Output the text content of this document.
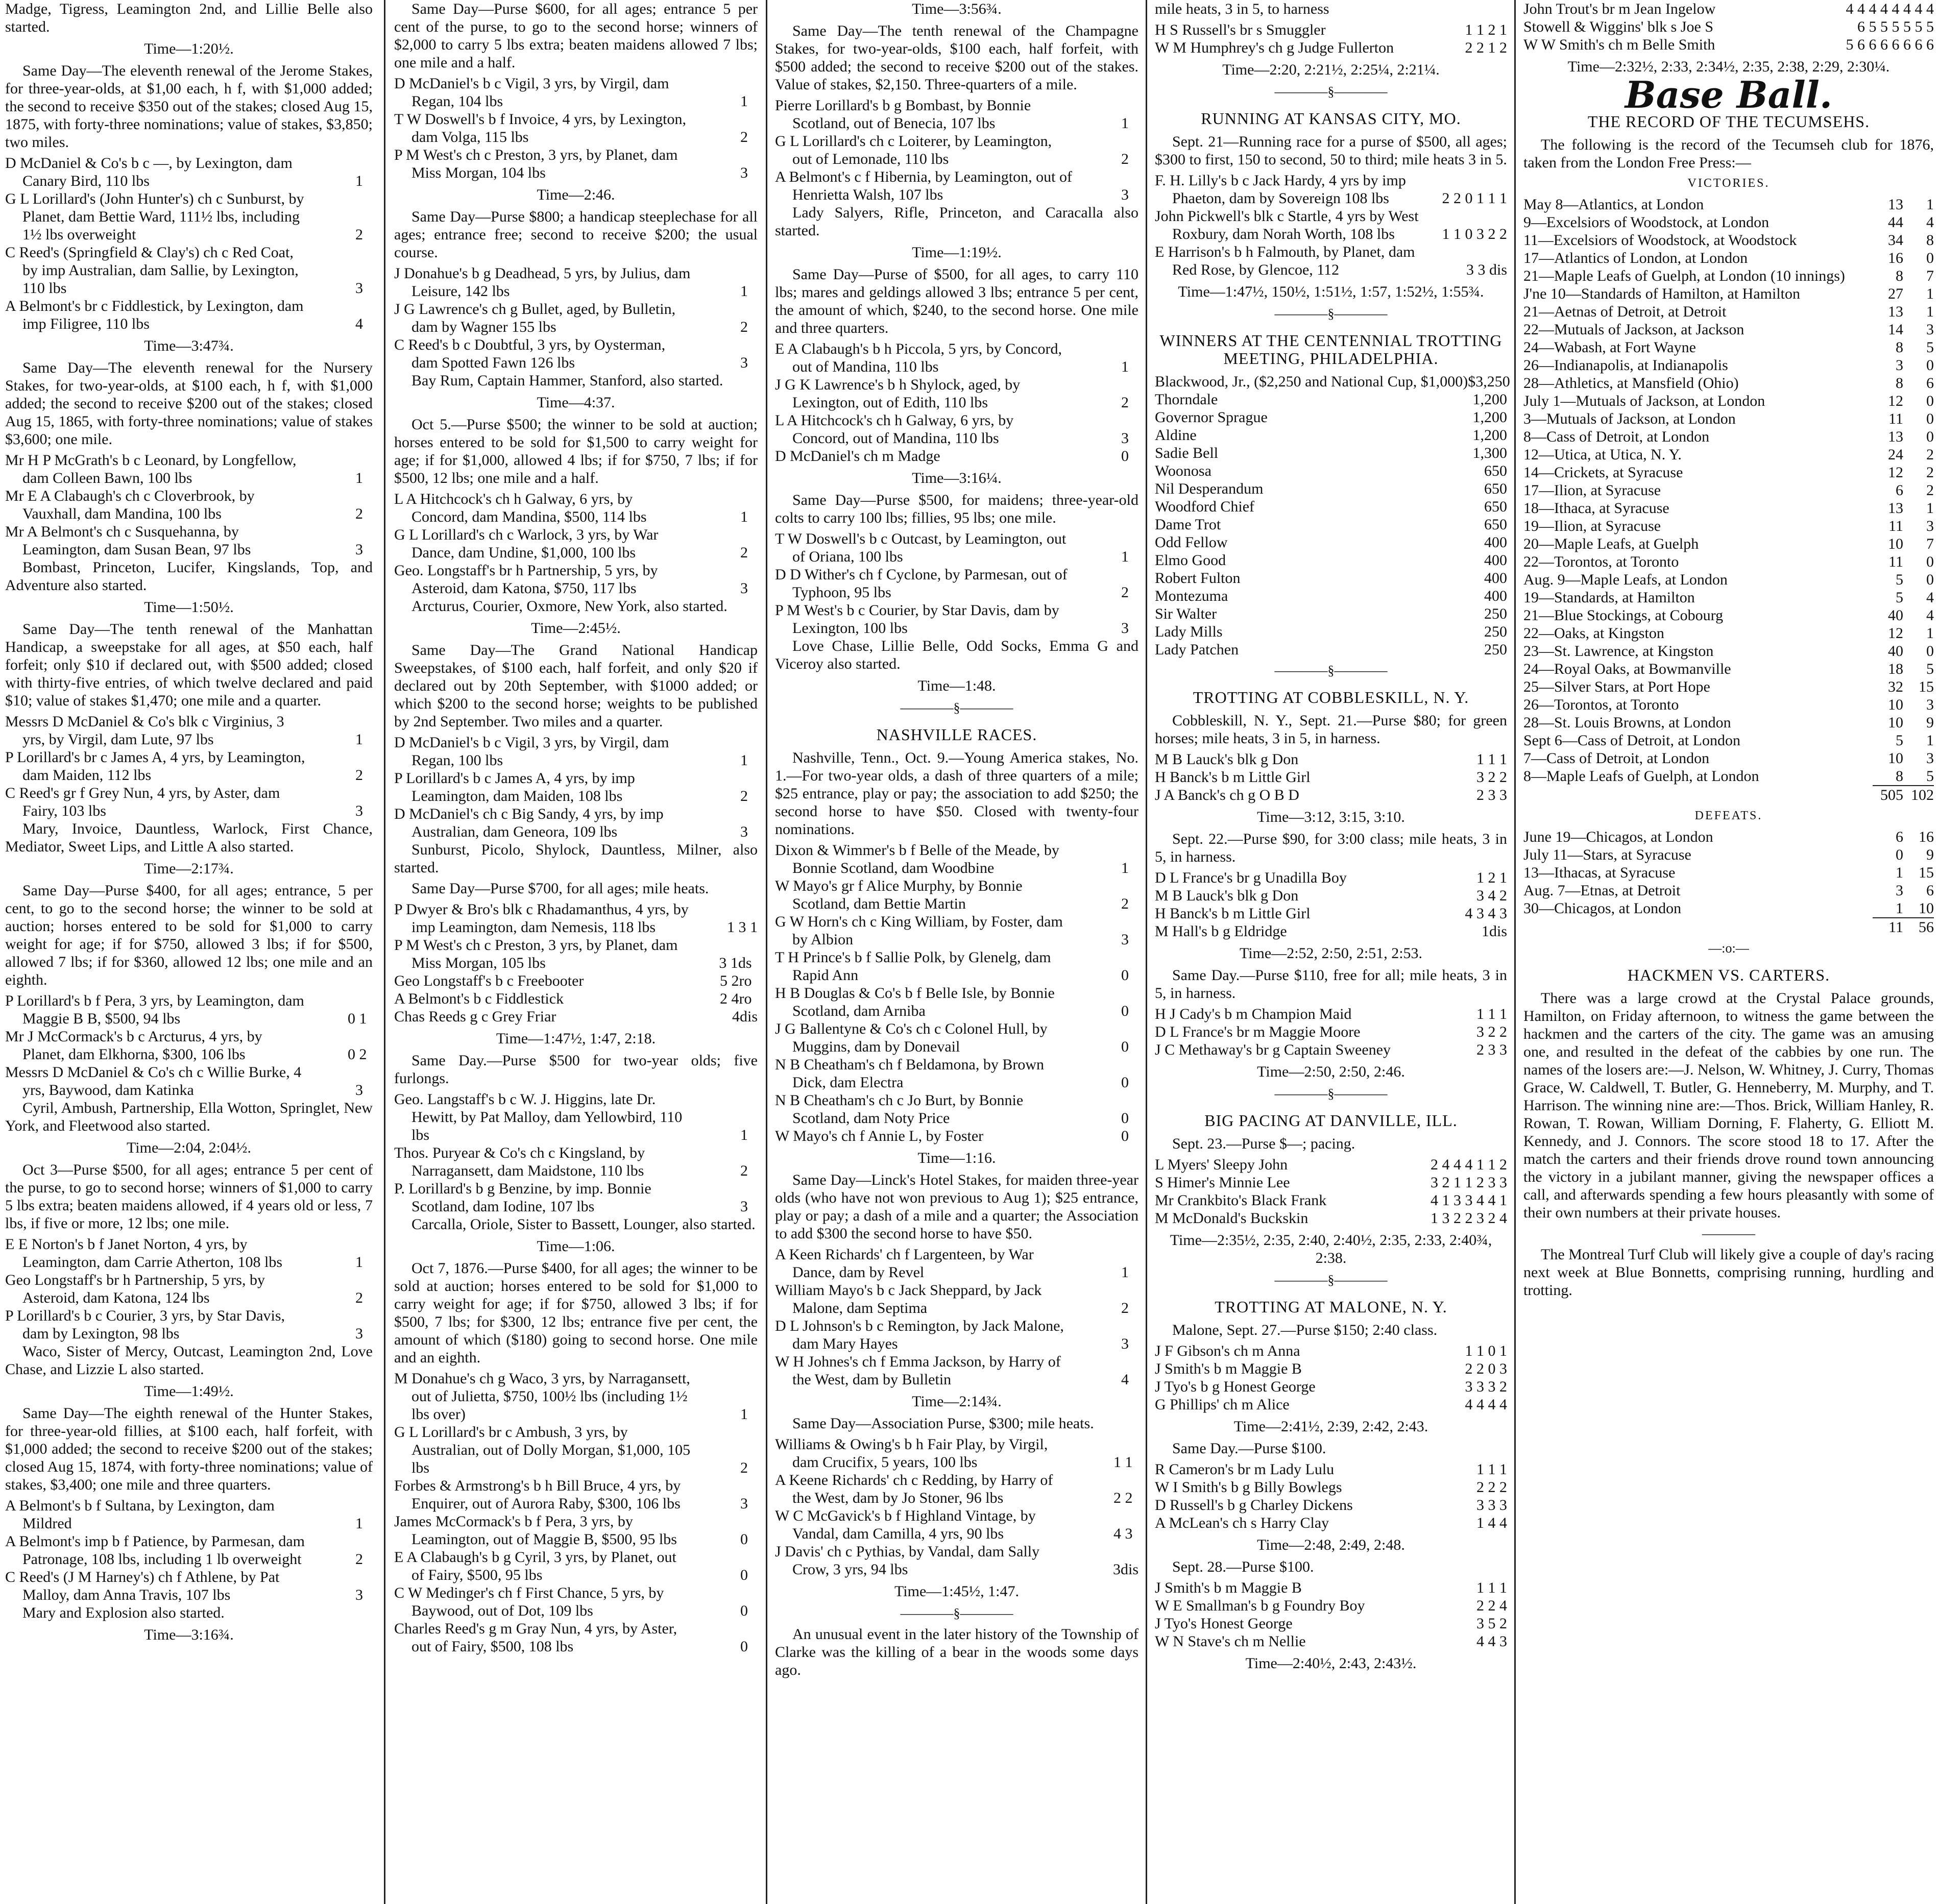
Madge, Tigress, Leamington 2nd, and Lillie Belle also started.

Time—1:20½.

Same Day—The eleventh renewal of the Jerome Stakes, for three-year-olds, at $1,00 each, h f, with $1,000 added; the second to receive $350 out of the stakes; closed Aug 15, 1875, with forty-three nominations; value of stakes, $3,850; two miles.

D McDaniel & Co's b c —, by Lexington, dam Canary Bird, 110 lbs	1

G L Lorillard's (John Hunter's) ch c Sunburst, by Planet, dam Bettie Ward, 111½ lbs, including 1½ lbs overweight	2

C Reed's (Springfield & Clay's) ch c Red Coat, by imp Australian, dam Sallie, by Lexington, 110 lbs	3

A Belmont's br c Fiddlestick, by Lexington, dam imp Filigree, 110 lbs	4

Time—3:47¾.

Same Day—The eleventh renewal for the Nursery Stakes, for two-year-olds, at $100 each, h f, with $1,000 added; the second to receive $200 out of the stakes; closed Aug 15, 1865, with forty-three nominations; value of stakes $3,600; one mile.

Mr H P McGrath's b c Leonard, by Longfellow, dam Colleen Bawn, 100 lbs	1

Mr E A Clabaugh's ch c Cloverbrook, by Vauxhall, dam Mandina, 100 lbs	2

Mr A Belmont's ch c Susquehanna, by Leamington, dam Susan Bean, 97 lbs	3

Bombast, Princeton, Lucifer, Kingslands, Top, and Adventure also started.

Time—1:50½.

Same Day—The tenth renewal of the Manhattan Handicap, a sweepstake for all ages, at $50 each, half forfeit; only $10 if declared out, with $500 added; closed with thirty-five entries, of which twelve declared and paid $10; value of stakes $1,470; one mile and a quarter.

Messrs D McDaniel & Co's blk c Virginius, 3 yrs, by Virgil, dam Lute, 97 lbs	1

P Lorillard's br c James A, 4 yrs, by Leamington, dam Maiden, 112 lbs	2

C Reed's gr f Grey Nun, 4 yrs, by Aster, dam Fairy, 103 lbs	3

Mary, Invoice, Dauntless, Warlock, First Chance, Mediator, Sweet Lips, and Little A also started.

Time—2:17¾.

Same Day—Purse $400, for all ages; entrance, 5 per cent, to go to the second horse; the winner to be sold at auction; horses entered to be sold for $1,000 to carry weight for age; if for $750, allowed 3 lbs; if for $500, allowed 7 lbs; if for $360, allowed 12 lbs; one mile and an eighth.

P Lorillard's b f Pera, 3 yrs, by Leamington, dam Maggie B B, $500, 94 lbs	0 1

Mr J McCormack's b c Arcturus, 4 yrs, by Planet, dam Elkhorna, $300, 106 lbs	0 2

Messrs D McDaniel & Co's ch c Willie Burke, 4 yrs, Baywood, dam Katinka	3

Cyril, Ambush, Partnership, Ella Wotton, Springlet, New York, and Fleetwood also started.

Time—2:04, 2:04½.

Oct 3—Purse $500, for all ages; entrance 5 per cent of the purse, to go to second horse; winners of $1,000 to carry 5 lbs extra; beaten maidens allowed, if 4 years old or less, 7 lbs, if five or more, 12 lbs; one mile.

E E Norton's b f Janet Norton, 4 yrs, by Leamington, dam Carrie Atherton, 108 lbs	1

Geo Longstaff's br h Partnership, 5 yrs, by Asteroid, dam Katona, 124 lbs	2

P Lorillard's b c Courier, 3 yrs, by Star Davis, dam by Lexington, 98 lbs	3

Waco, Sister of Mercy, Outcast, Leamington 2nd, Love Chase, and Lizzie L also started.

Time—1:49½.

Same Day—The eighth renewal of the Hunter Stakes, for three-year-old fillies, at $100 each, half forfeit, with $1,000 added; the second to receive $200 out of the stakes; closed Aug 15, 1874, with forty-three nominations; value of stakes, $3,400; one mile and three quarters.

A Belmont's b f Sultana, by Lexington, dam Mildred	1

A Belmont's imp b f Patience, by Parmesan, dam Patronage, 108 lbs, including 1 lb overweight	2

C Reed's (J M Harney's) ch f Athlene, by Pat Malloy, dam Anna Travis, 107 lbs	3

Mary and Explosion also started.

Time—3:16¾.

Same Day—Purse $600, for all ages; entrance 5 per cent of the purse, to go to the second horse; winners of $2,000 to carry 5 lbs extra; beaten maidens allowed 7 lbs; one mile and a half.

D McDaniel's b c Vigil, 3 yrs, by Virgil, dam Regan, 104 lbs	1

T W Doswell's b f Invoice, 4 yrs, by Lexington, dam Volga, 115 lbs	2

P M West's ch c Preston, 3 yrs, by Planet, dam Miss Morgan, 104 lbs	3

Time—2:46.

Same Day—Purse $800; a handicap steeplechase for all ages; entrance free; second to receive $200; the usual course.

J Donahue's b g Deadhead, 5 yrs, by Julius, dam Leisure, 142 lbs	1

J G Lawrence's ch g Bullet, aged, by Bulletin, dam by Wagner 155 lbs	2

C Reed's b c Doubtful, 3 yrs, by Oysterman, dam Spotted Fawn 126 lbs	3

Bay Rum, Captain Hammer, Stanford, also started.

Time—4:37.

Oct 5.—Purse $500; the winner to be sold at auction; horses entered to be sold for $1,500 to carry weight for age; if for $1,000, allowed 4 lbs; if for $750, 7 lbs; if for $500, 12 lbs; one mile and a half.

L A Hitchcock's ch h Galway, 6 yrs, by Concord, dam Mandina, $500, 114 lbs	1

G L Lorillard's ch c Warlock, 3 yrs, by War Dance, dam Undine, $1,000, 100 lbs	2

Geo. Longstaff's br h Partnership, 5 yrs, by Asteroid, dam Katona, $750, 117 lbs	3

Arcturus, Courier, Oxmore, New York, also started.

Time—2:45½.

Same Day—The Grand National Handicap Sweepstakes, of $100 each, half forfeit, and only $20 if declared out by 20th September, with $1000 added; or which $200 to the second horse; weights to be published by 2nd September. Two miles and a quarter.

D McDaniel's b c Vigil, 3 yrs, by Virgil, dam Regan, 100 lbs	1

P Lorillard's b c James A, 4 yrs, by imp Leamington, dam Maiden, 108 lbs	2

D McDaniel's ch c Big Sandy, 4 yrs, by imp Australian, dam Geneora, 109 lbs	3

Sunburst, Picolo, Shylock, Dauntless, Milner, also started.

Same Day—Purse $700, for all ages; mile heats.

P Dwyer & Bro's blk c Rhadamanthus, 4 yrs, by imp Leamington, dam Nemesis, 118 lbs	1 3 1

P M West's ch c Preston, 3 yrs, by Planet, dam Miss Morgan, 105 lbs	3 1ds

Geo Longstaff's b c Freebooter	5 2ro

A Belmont's b c Fiddlestick	2 4ro

Chas Reeds g c Grey Friar	4dis

Time—1:47½, 1:47, 2:18.

Same Day.—Purse $500 for two-year olds; five furlongs.

Geo. Langstaff's b c W. J. Higgins, late Dr. Hewitt, by Pat Malloy, dam Yellowbird, 110 lbs	1

Thos. Puryear & Co's ch c Kingsland, by Narragansett, dam Maidstone, 110 lbs	2

P. Lorillard's b g Benzine, by imp. Bonnie Scotland, dam Iodine, 107 lbs	3

Carcalla, Oriole, Sister to Bassett, Lounger, also started.

Time—1:06.

Oct 7, 1876.—Purse $400, for all ages; the winner to be sold at auction; horses entered to be sold for $1,000 to carry weight for age; if for $750, allowed 3 lbs; if for $500, 7 lbs; for $300, 12 lbs; entrance five per cent, the amount of which ($180) going to second horse. One mile and an eighth.

M Donahue's ch g Waco, 3 yrs, by Narragansett, out of Julietta, $750, 100½ lbs (including 1½ lbs over)	1

G L Lorillard's br c Ambush, 3 yrs, by Australian, out of Dolly Morgan, $1,000, 105 lbs	2

Forbes & Armstrong's b h Bill Bruce, 4 yrs, by Enquirer, out of Aurora Raby, $300, 106 lbs	3

James McCormack's b f Pera, 3 yrs, by Leamington, out of Maggie B, $500, 95 lbs	0

E A Clabaugh's b g Cyril, 3 yrs, by Planet, out of Fairy, $500, 95 lbs	0

C W Medinger's ch f First Chance, 5 yrs, by Baywood, out of Dot, 109 lbs	0

Charles Reed's g m Gray Nun, 4 yrs, by Aster, out of Fairy, $500, 108 lbs	0

Time—3:56¾.

Same Day—The tenth renewal of the Champagne Stakes, for two-year-olds, $100 each, half forfeit, with $500 added; the second to receive $200 out of the stakes. Value of stakes, $2,150. Three-quarters of a mile.

Pierre Lorillard's b g Bombast, by Bonnie Scotland, out of Benecia, 107 lbs	1

G L Lorillard's ch c Loiterer, by Leamington, out of Lemonade, 110 lbs	2

A Belmont's c f Hibernia, by Leamington, out of Henrietta Walsh, 107 lbs	3

Lady Salyers, Rifle, Princeton, and Caracalla also started.

Time—1:19½.

Same Day—Purse of $500, for all ages, to carry 110 lbs; mares and geldings allowed 3 lbs; entrance 5 per cent, the amount of which, $240, to the second horse. One mile and three quarters.

E A Clabaugh's b h Piccola, 5 yrs, by Concord, out of Mandina, 110 lbs	1

J G K Lawrence's b h Shylock, aged, by Lexington, out of Edith, 110 lbs	2

L A Hitchcock's ch h Galway, 6 yrs, by Concord, out of Mandina, 110 lbs	3

D McDaniel's ch m Madge	0

Time—3:16¼.

Same Day—Purse $500, for maidens; three-year-old colts to carry 100 lbs; fillies, 95 lbs; one mile.

T W Doswell's b c Outcast, by Leamington, out of Oriana, 100 lbs	1

D D Wither's ch f Cyclone, by Parmesan, out of Typhoon, 95 lbs	2

P M West's b c Courier, by Star Davis, dam by Lexington, 100 lbs	3

Love Chase, Lillie Belle, Odd Socks, Emma G and Viceroy also started.

Time—1:48.

————§————

NASHVILLE RACES.

Nashville, Tenn., Oct. 9.—Young America stakes, No. 1.—For two-year olds, a dash of three quarters of a mile; $25 entrance, play or pay; the association to add $250; the second horse to have $50. Closed with twenty-four nominations.

Dixon & Wimmer's b f Belle of the Meade, by Bonnie Scotland, dam Woodbine	1

W Mayo's gr f Alice Murphy, by Bonnie Scotland, dam Bettie Martin	2

G W Horn's ch c King William, by Foster, dam by Albion	3

T H Prince's b f Sallie Polk, by Glenelg, dam Rapid Ann	0

H B Douglas & Co's b f Belle Isle, by Bonnie Scotland, dam Arniba	0

J G Ballentyne & Co's ch c Colonel Hull, by Muggins, dam by Donevail	0

N B Cheatham's ch f Beldamona, by Brown Dick, dam Electra	0

N B Cheatham's ch c Jo Burt, by Bonnie Scotland, dam Noty Price	0

W Mayo's ch f Annie L, by Foster	0

Time—1:16.

Same Day—Linck's Hotel Stakes, for maiden three-year olds (who have not won previous to Aug 1); $25 entrance, play or pay; a dash of a mile and a quarter; the Association to add $300 the second horse to have $50.

A Keen Richards' ch f Largenteen, by War Dance, dam by Revel	1

William Mayo's b c Jack Sheppard, by Jack Malone, dam Septima	2

D L Johnson's b c Remington, by Jack Malone, dam Mary Hayes	3

W H Johnes's ch f Emma Jackson, by Harry of the West, dam by Bulletin	4

Time—2:14¾.

Same Day—Association Purse, $300; mile heats.

Williams & Owing's b h Fair Play, by Virgil, dam Crucifix, 5 years, 100 lbs	1 1

A Keene Richards' ch c Redding, by Harry of the West, dam by Jo Stoner, 96 lbs	2 2

W C McGavick's b f Highland Vintage, by Vandal, dam Camilla, 4 yrs, 90 lbs	4 3

J Davis' ch c Pythias, by Vandal, dam Sally Crow, 3 yrs, 94 lbs	3dis

Time—1:45½, 1:47.

————§————

An unusual event in the later history of the Township of Clarke was the killing of a bear in the woods some days ago.

mile heats, 3 in 5, to harness

H S Russell's br s Smuggler	1 1 2 1

W M Humphrey's ch g Judge Fullerton	2 2 1 2

Time—2:20, 2:21½, 2:25¼, 2:21¼.

————§————

RUNNING AT KANSAS CITY, MO.

Sept. 21—Running race for a purse of $500, all ages; $300 to first, 150 to second, 50 to third; mile heats 3 in 5.

F. H. Lilly's b c Jack Hardy, 4 yrs by imp Phaeton, dam by Sovereign 108 lbs	2 2 0 1 1 1

John Pickwell's blk c Startle, 4 yrs by West Roxbury, dam Norah Worth, 108 lbs	1 1 0 3 2 2

E Harrison's b h Falmouth, by Planet, dam Red Rose, by Glencoe, 112	3 3 dis

Time—1:47½, 150½, 1:51½, 1:57, 1:52½, 1:55¾.

————§————

WINNERS AT THE CENTENNIAL TROTTING MEETING, PHILADELPHIA.

Blackwood, Jr., ($2,250 and National Cup, $1,000) $3,250
Thorndale	1,200
Governor Sprague	1,200
Aldine	1,200
Sadie Bell	1,300
Woonosa	650
Nil Desperandum	650
Woodford Chief	650
Dame Trot	650
Odd Fellow	400
Elmo Good	400
Robert Fulton	400
Montezuma	400
Sir Walter	250
Lady Mills	250
Lady Patchen	250

————§————

TROTTING AT COBBLESKILL, N. Y.

Cobbleskill, N. Y., Sept. 21.—Purse $80; for green horses; mile heats, 3 in 5, in harness.

M B Lauck's blk g Don	1 1 1

H Banck's b m Little Girl	3 2 2

J A Banck's ch g O B D	2 3 3

Time—3:12, 3:15, 3:10.

Sept. 22.—Purse $90, for 3:00 class; mile heats, 3 in 5, in harness.

D L France's br g Unadilla Boy	1 2 1

M B Lauck's blk g Don	3 4 2

H Banck's b m Little Girl	4 3 4 3

M Hall's b g Eldridge	1dis

Time—2:52, 2:50, 2:51, 2:53.

Same Day.—Purse $110, free for all; mile heats, 3 in 5, in harness.

H J Cady's b m Champion Maid	1 1 1

D L France's br m Maggie Moore	3 2 2

J C Methaway's br g Captain Sweeney	2 3 3

Time—2:50, 2:50, 2:46.

————§————

BIG PACING AT DANVILLE, ILL.

Sept. 23.—Purse $—; pacing.

L Myers' Sleepy John	2 4 4 4 1 1 2

S Himer's Minnie Lee	3 2 1 1 2 3 3

Mr Crankbito's Black Frank	4 1 3 3 4 4 1

M McDonald's Buckskin	1 3 2 2 3 2 4

Time—2:35½, 2:35, 2:40, 2:40½, 2:35, 2:33, 2:40¾, 2:38.

————§————

TROTTING AT MALONE, N. Y.

Malone, Sept. 27.—Purse $150; 2:40 class.

J F Gibson's ch m Anna	1 1 0 1

J Smith's b m Maggie B	2 2 0 3

J Tyo's b g Honest George	3 3 3 2

G Phillips' ch m Alice	4 4 4 4

Time—2:41½, 2:39, 2:42, 2:43.

Same Day.—Purse $100.

R Cameron's br m Lady Lulu	1 1 1

W I Smith's b g Billy Bowlegs	2 2 2

D Russell's b g Charley Dickens	3 3 3

A McLean's ch s Harry Clay	1 4 4

Time—2:48, 2:49, 2:48.

Sept. 28.—Purse $100.

J Smith's b m Maggie B	1 1 1

W E Smallman's b g Foundry Boy	2 2 4

J Tyo's Honest George	3 5 2

W N Stave's ch m Nellie	4 4 3

Time—2:40½, 2:43, 2:43½.

John Trout's br m Jean Ingelow	4 4 4 4 4 4 4 4

Stowell & Wiggins' blk s Joe S	6 5 5 5 5 5 5

W W Smith's ch m Belle Smith	5 6 6 6 6 6 6 6

Time—2:32½, 2:33, 2:34½, 2:35, 2:38, 2:29, 2:30¼.

Base Ball.

THE RECORD OF THE TECUMSEHS.

The following is the record of the Tecumseh club for 1876, taken from the London Free Press:—

VICTORIES.

May 8—Atlantics, at London	13	1
9—Excelsiors of Woodstock, at London	44	4
11—Excelsiors of Woodstock, at Woodstock	34	8
17—Atlantics of London, at London	16	0
21—Maple Leafs of Guelph, at London (10 innings)	8	7
J'ne 10—Standards of Hamilton, at Hamilton	27	1
21—Aetnas of Detroit, at Detroit	13	1
22—Mutuals of Jackson, at Jackson	14	3
24—Wabash, at Fort Wayne	8	5
26—Indianapolis, at Indianapolis	3	0
28—Athletics, at Mansfield (Ohio)	8	6
July 1—Mutuals of Jackson, at London	12	0
3—Mutuals of Jackson, at London	11	0
8—Cass of Detroit, at London	13	0
12—Utica, at Utica, N. Y.	24	2
14—Crickets, at Syracuse	12	2
17—Ilion, at Syracuse	6	2
18—Ithaca, at Syracuse	13	1
19—Ilion, at Syracuse	11	3
20—Maple Leafs, at Guelph	10	7
22—Torontos, at Toronto	11	0
Aug. 9—Maple Leafs, at London	5	0
19—Standards, at Hamilton	5	4
21—Blue Stockings, at Cobourg	40	4
22—Oaks, at Kingston	12	1
23—St. Lawrence, at Kingston	40	0
24—Royal Oaks, at Bowmanville	18	5
25—Silver Stars, at Port Hope	32	15
26—Torontos, at Toronto	10	3
28—St. Louis Browns, at London	10	9
Sept 6—Cass of Detroit, at London	5	1
7—Cass of Detroit, at London	10	3
8—Maple Leafs of Guelph, at London	8	5
505 102

DEFEATS.

June 19—Chicagos, at London	6	16
July 11—Stars, at Syracuse	0	9
13—Ithacas, at Syracuse	1	15
Aug. 7—Etnas, at Detroit	3	6
30—Chicagos, at London	1	10
11	56

—:o:—

HACKMEN VS. CARTERS.

There was a large crowd at the Crystal Palace grounds, Hamilton, on Friday afternoon, to witness the game between the hackmen and the carters of the city. The game was an amusing one, and resulted in the defeat of the cabbies by one run. The names of the losers are:—J. Nelson, W. Whitney, J. Curry, Thomas Grace, W. Caldwell, T. Butler, G. Henneberry, M. Murphy, and T. Harrison. The winning nine are:—Thos. Brick, William Hanley, R. Rowan, T. Rowan, William Dorning, F. Flaherty, G. Elliott M. Kennedy, and J. Connors. The score stood 18 to 17. After the match the carters and their friends drove round town announcing the victory in a jubilant manner, giving the newspaper offices a call, and afterwards spending a few hours pleasantly with some of their own numbers at their private houses.

————

The Montreal Turf Club will likely give a couple of day's racing next week at Blue Bonnetts, comprising running, hurdling and trotting.
